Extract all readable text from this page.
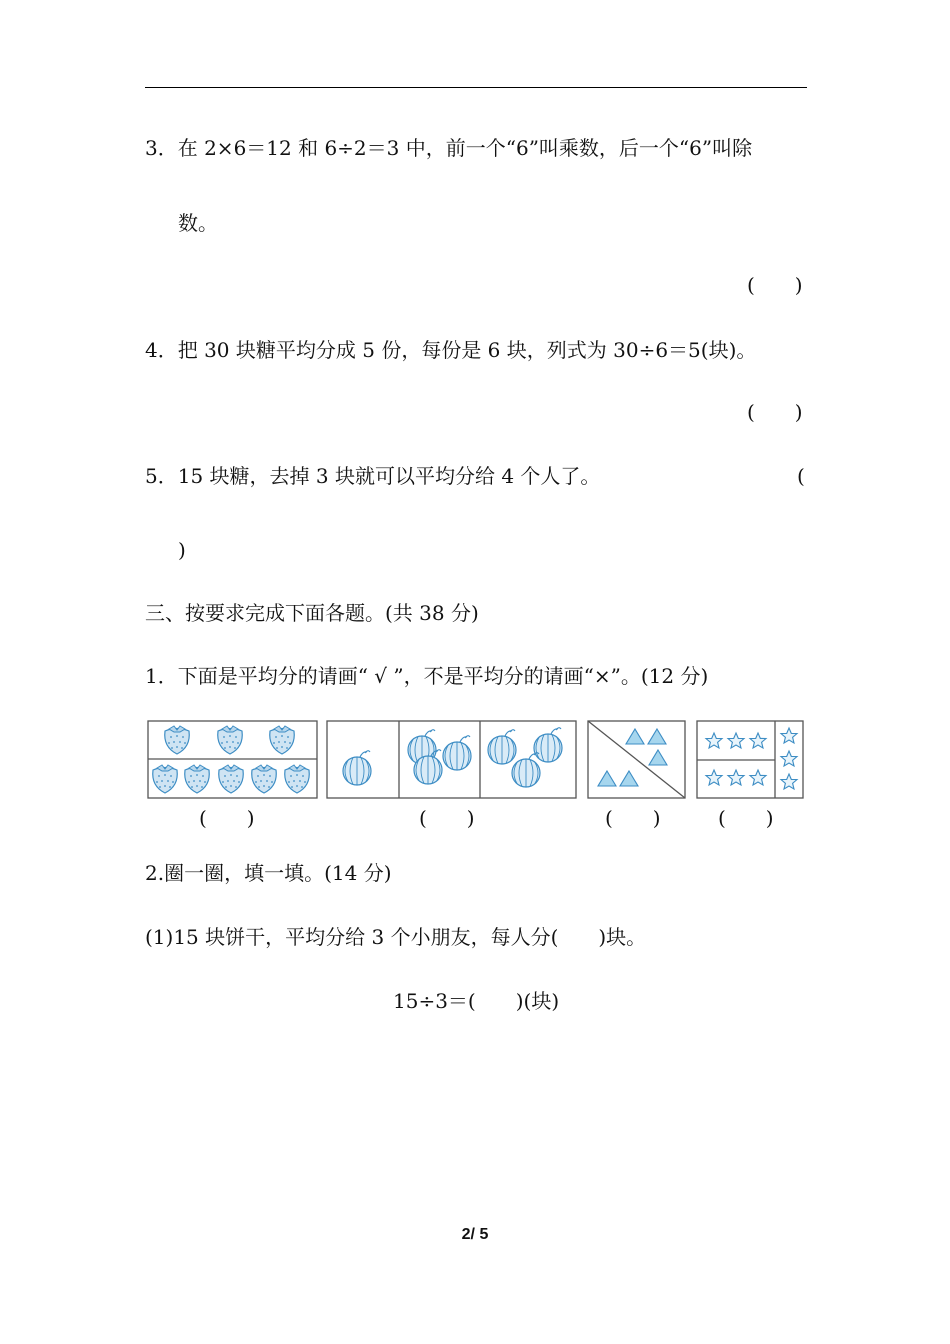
3．在 2×6＝12 和 6÷2＝3 中，前一个“6”叫乘数，后一个“6”叫除
数。
(　　)
4．把 30 块糖平均分成 5 份，每份是 6 块，列式为 30÷6＝5(块)。
(　　)
5．15 块糖，去掉 3 块就可以平均分给 4 个人了。	(
)
三、按要求完成下面各题。(共 38 分)
1．下面是平均分的请画“ √ ”，不是平均分的请画“×”。(12 分)
(　　)	(　　)	(　　)	(　　)
2.圈一圈，填一填。(14 分)
(1)15 块饼干，平均分给 3 个小朋友，每人分(　　)块。
15÷3＝(　　)(块)
2/ 5
